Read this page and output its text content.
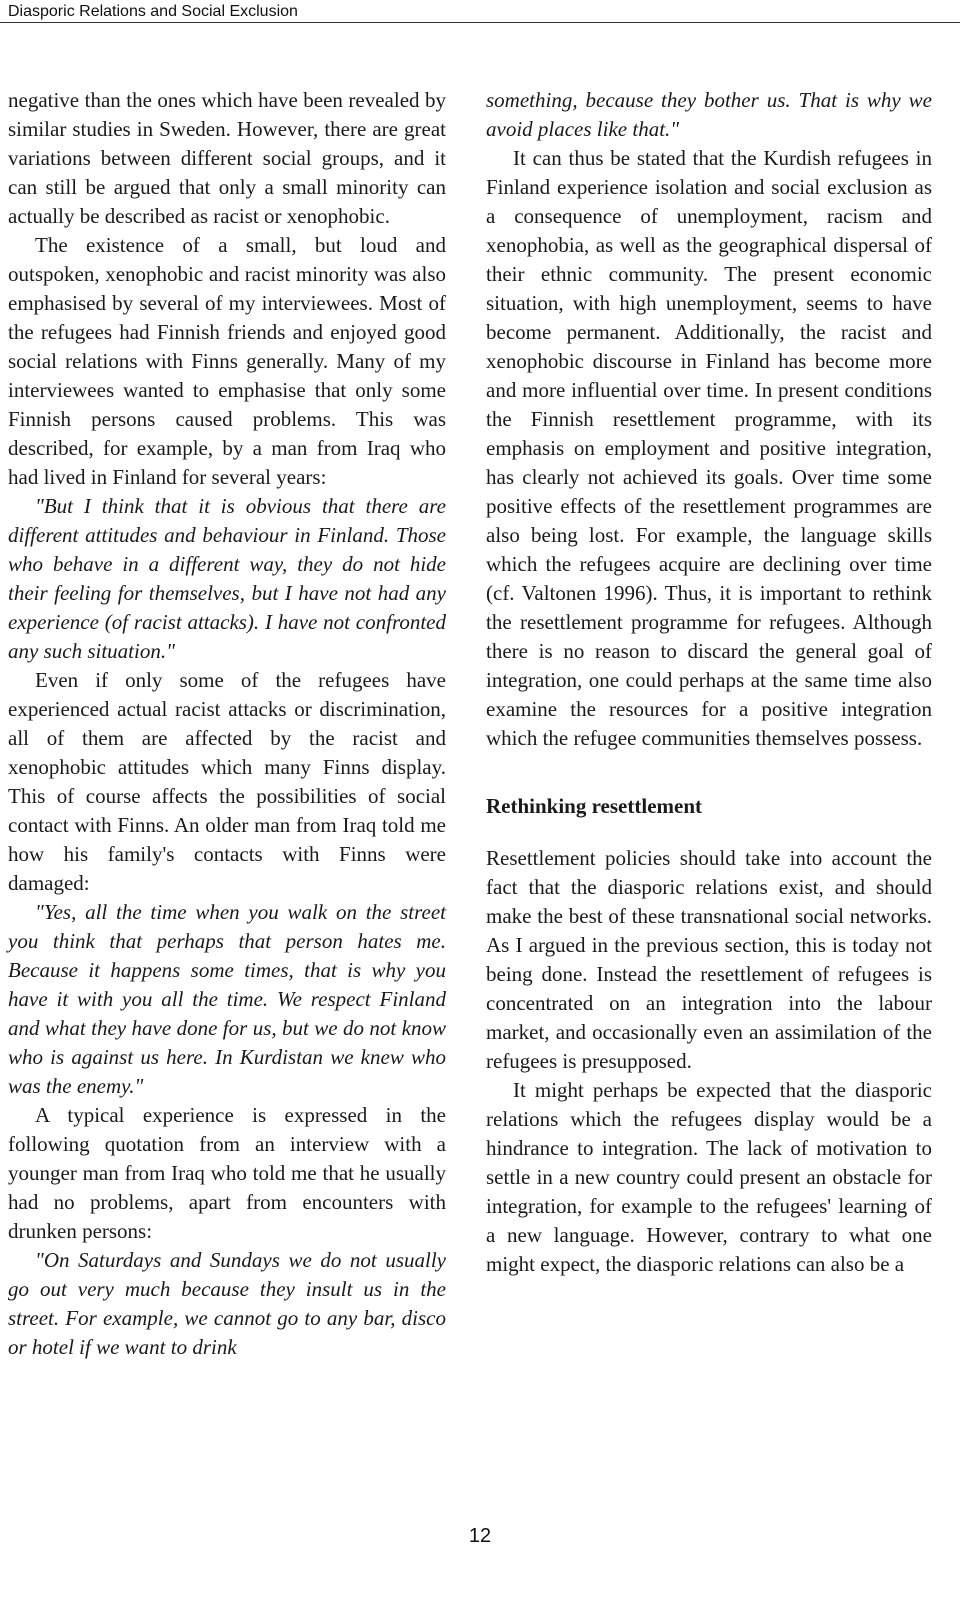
Diasporic Relations and Social Exclusion

negative than the ones which have been revealed by similar studies in Sweden. However, there are great variations between different social groups, and it can still be argued that only a small minority can actually be described as racist or xenophobic.

The existence of a small, but loud and outspoken, xenophobic and racist minority was also emphasised by several of my interviewees. Most of the refugees had Finnish friends and enjoyed good social relations with Finns generally. Many of my interviewees wanted to emphasise that only some Finnish persons caused problems. This was described, for example, by a man from Iraq who had lived in Finland for several years:

"But I think that it is obvious that there are different attitudes and behaviour in Finland. Those who behave in a different way, they do not hide their feeling for themselves, but I have not had any experience (of racist attacks). I have not confronted any such situation."

Even if only some of the refugees have experienced actual racist attacks or discrimination, all of them are affected by the racist and xenophobic attitudes which many Finns display. This of course affects the possibilities of social contact with Finns. An older man from Iraq told me how his family's contacts with Finns were damaged:

"Yes, all the time when you walk on the street you think that perhaps that person hates me. Because it happens some times, that is why you have it with you all the time. We respect Finland and what they have done for us, but we do not know who is against us here. In Kurdistan we knew who was the enemy."

A typical experience is expressed in the following quotation from an interview with a younger man from Iraq who told me that he usually had no problems, apart from encounters with drunken persons:

"On Saturdays and Sundays we do not usually go out very much because they insult us in the street. For example, we cannot go to any bar, disco or hotel if we want to drink

something, because they bother us. That is why we avoid places like that."

It can thus be stated that the Kurdish refugees in Finland experience isolation and social exclusion as a consequence of unemployment, racism and xenophobia, as well as the geographical dispersal of their ethnic community. The present economic situation, with high unemployment, seems to have become permanent. Additionally, the racist and xenophobic discourse in Finland has become more and more influential over time. In present conditions the Finnish resettlement programme, with its emphasis on employment and positive integration, has clearly not achieved its goals. Over time some positive effects of the resettlement programmes are also being lost. For example, the language skills which the refugees acquire are declining over time (cf. Valtonen 1996). Thus, it is important to rethink the resettlement programme for refugees. Although there is no reason to discard the general goal of integration, one could perhaps at the same time also examine the resources for a positive integration which the refugee communities themselves possess.

Rethinking resettlement

Resettlement policies should take into account the fact that the diasporic relations exist, and should make the best of these transnational social networks. As I argued in the previous section, this is today not being done. Instead the resettlement of refugees is concentrated on an integration into the labour market, and occasionally even an assimilation of the refugees is presupposed.

It might perhaps be expected that the diasporic relations which the refugees display would be a hindrance to integration. The lack of motivation to settle in a new country could present an obstacle for integration, for example to the refugees' learning of a new language. However, contrary to what one might expect, the diasporic relations can also be a

12
